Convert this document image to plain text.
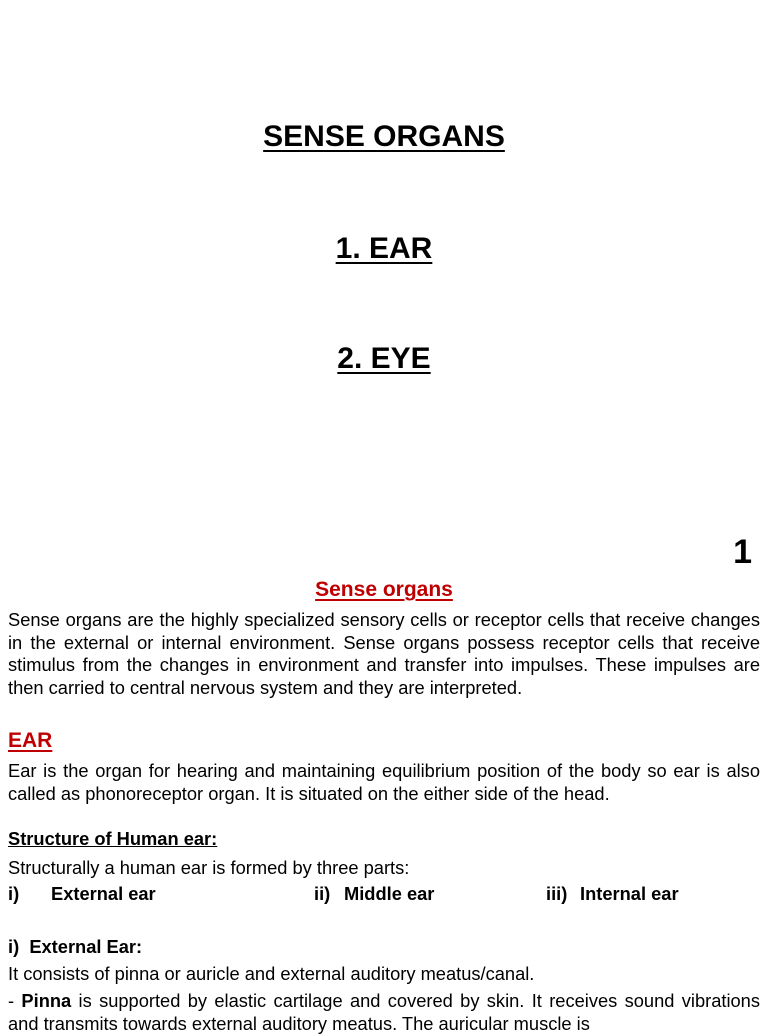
SENSE ORGANS
1. EAR
2. EYE
1
Sense organs

Sense organs are the highly specialized sensory cells or receptor cells that receive changes in the external or internal environment. Sense organs possess receptor cells that receive stimulus from the changes in environment and transfer into impulses. These impulses are then carried to central nervous system and they are interpreted.

EAR

Ear is the organ for hearing and maintaining equilibrium position of the body so ear is also called as phonoreceptor organ. It is situated on the either side of the head.

Structure of Human ear:
Structurally a human ear is formed by three parts:
i) External ear	ii) Middle ear	iii) Internal ear
i)  External Ear:
It consists of pinna or auricle and external auditory meatus/canal.

- Pinna is supported by elastic cartilage and covered by skin. It receives sound vibrations and transmits towards external auditory meatus. The auricular muscle is
